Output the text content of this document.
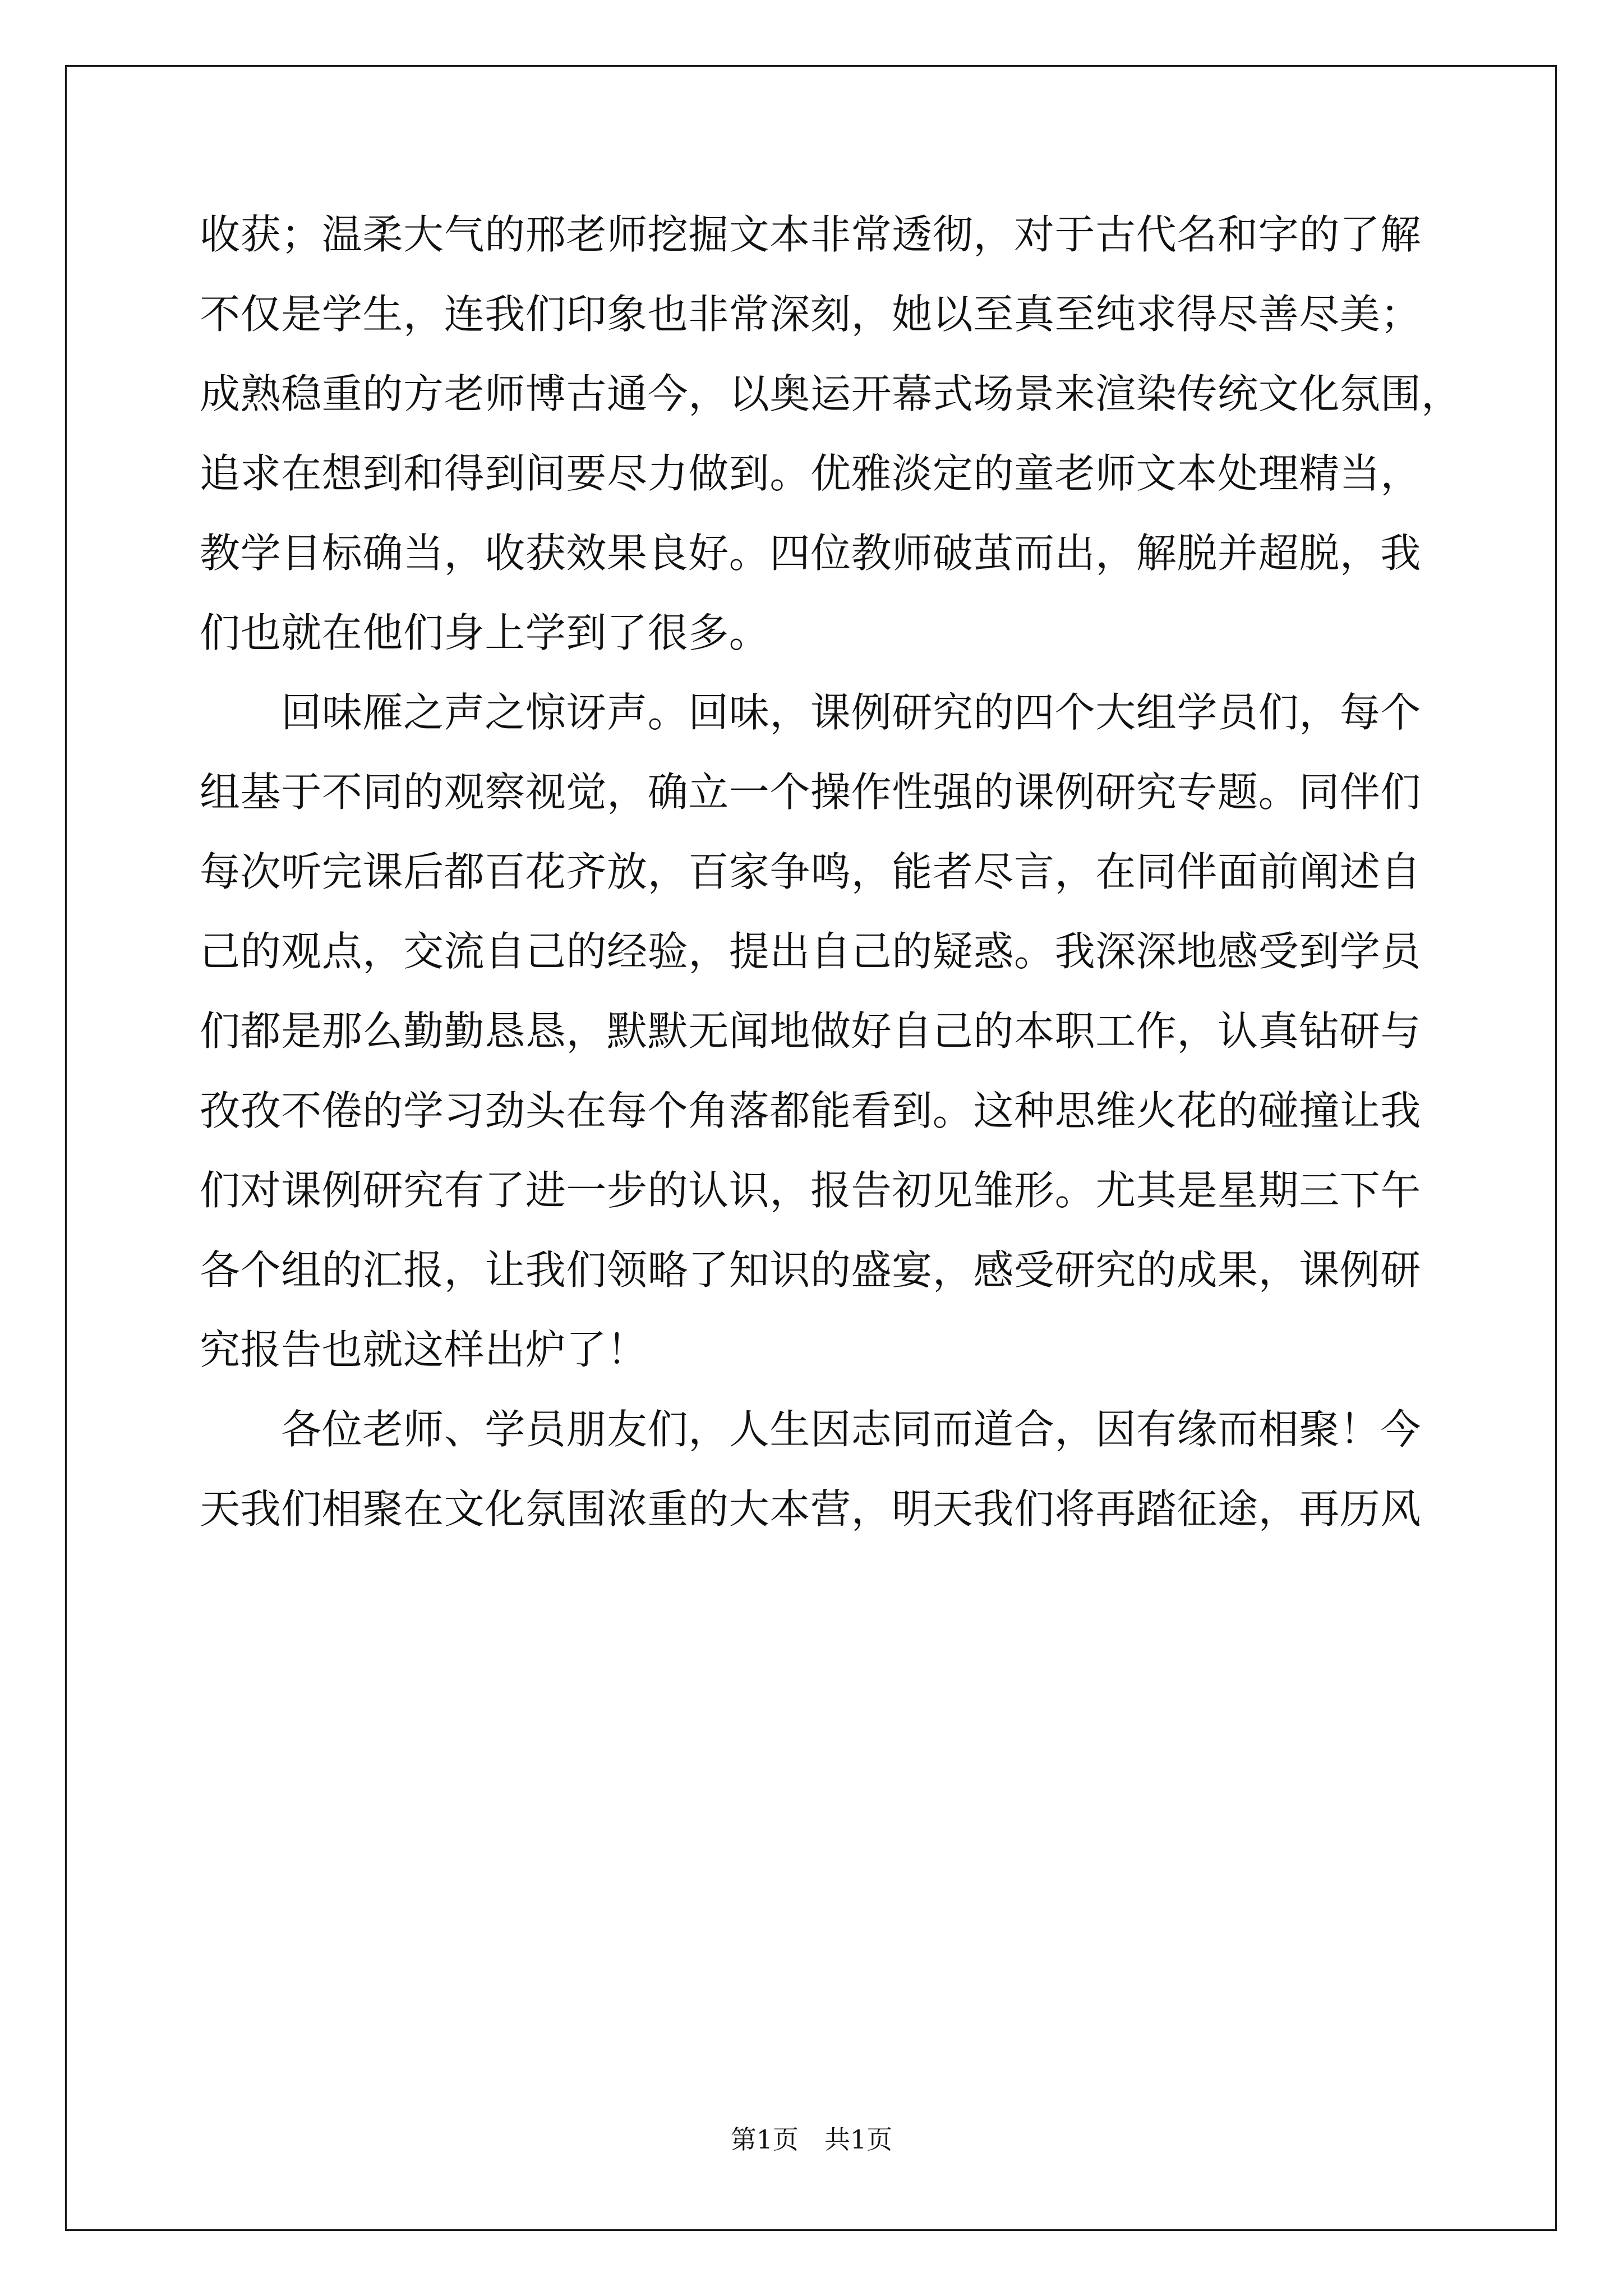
收获；温柔大气的邢老师挖掘文本非常透彻，对于古代名和字的了解
不仅是学生，连我们印象也非常深刻，她以至真至纯求得尽善尽美；
成熟稳重的方老师博古通今，以奥运开幕式场景来渲染传统文化氛围，
追求在想到和得到间要尽力做到。优雅淡定的童老师文本处理精当，
教学目标确当，收获效果良好。四位教师破茧而出，解脱并超脱，我
们也就在他们身上学到了很多。
　　回味雁之声之惊讶声。回味，课例研究的四个大组学员们，每个
组基于不同的观察视觉，确立一个操作性强的课例研究专题。同伴们
每次听完课后都百花齐放，百家争鸣，能者尽言，在同伴面前阐述自
己的观点，交流自己的经验，提出自己的疑惑。我深深地感受到学员
们都是那么勤勤恳恳，默默无闻地做好自己的本职工作，认真钻研与
孜孜不倦的学习劲头在每个角落都能看到。这种思维火花的碰撞让我
们对课例研究有了进一步的认识，报告初见雏形。尤其是星期三下午
各个组的汇报，让我们领略了知识的盛宴，感受研究的成果，课例研
究报告也就这样出炉了！
　　各位老师、学员朋友们，人生因志同而道合，因有缘而相聚！今
天我们相聚在文化氛围浓重的大本营，明天我们将再踏征途，再历风
第1页 共1页
